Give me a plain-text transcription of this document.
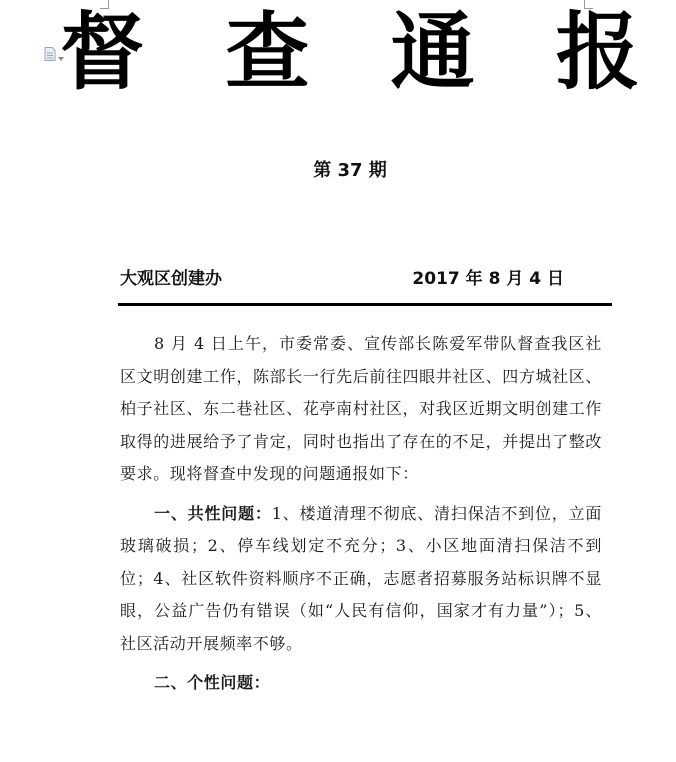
督 查 通 报
第 37 期
大观区创建办	2017 年 8 月 4 日

8 月 4 日上午，市委常委、宣传部长陈爱军带队督查我区社区文明创建工作，陈部长一行先后前往四眼井社区、四方城社区、柏子社区、东二巷社区、花亭南村社区，对我区近期文明创建工作取得的进展给予了肯定，同时也指出了存在的不足，并提出了整改要求。现将督查中发现的问题通报如下：

一、共性问题：1、楼道清理不彻底、清扫保洁不到位，立面玻璃破损；2、停车线划定不充分；3、小区地面清扫保洁不到位；4、社区软件资料顺序不正确，志愿者招募服务站标识牌不显眼，公益广告仍有错误（如“人民有信仰，国家才有力量”）；5、社区活动开展频率不够。

二、个性问题：
